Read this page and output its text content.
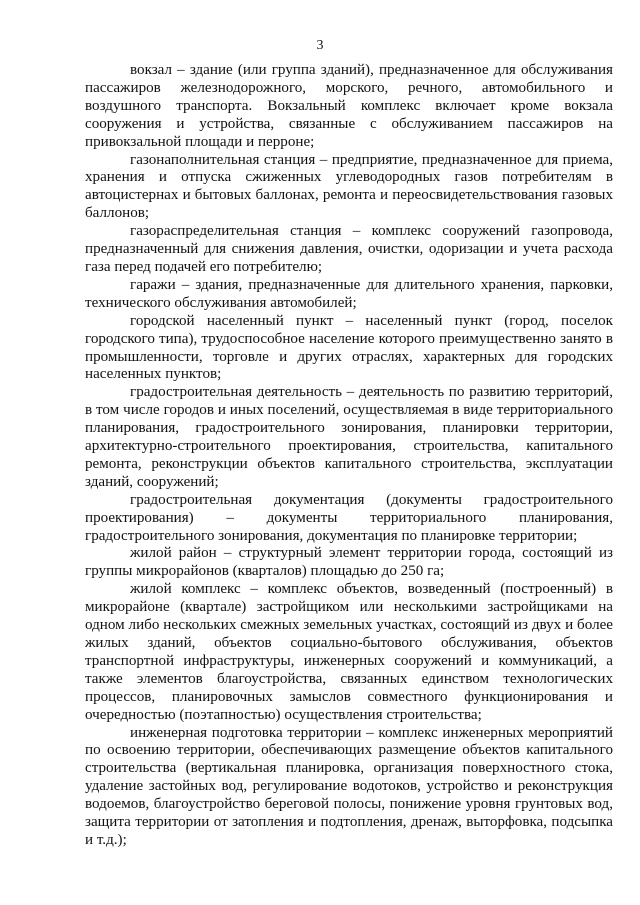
3

вокзал – здание (или группа зданий), предназначенное для обслуживания пассажиров железнодорожного, морского, речного, автомобильного и воздушного транспорта. Вокзальный комплекс включает кроме вокзала сооружения и устройства, связанные с обслуживанием пассажиров на привокзальной площади и перроне;

газонаполнительная станция – предприятие, предназначенное для приема, хранения и отпуска сжиженных углеводородных газов потребителям в автоцистернах и бытовых баллонах, ремонта и переосвидетельствования газовых баллонов;

газораспределительная станция – комплекс сооружений газопровода, предназначенный для снижения давления, очистки, одоризации и учета расхода газа перед подачей его потребителю;

гаражи – здания, предназначенные для длительного хранения, парковки, технического обслуживания автомобилей;

городской населенный пункт – населенный пункт (город, поселок городского типа), трудоспособное население которого преимущественно занято в промышленности, торговле и других отраслях, характерных для городских населенных пунктов;

градостроительная деятельность – деятельность по развитию территорий, в том числе городов и иных поселений, осуществляемая в виде территориального планирования, градостроительного зонирования, планировки территории, архитектурно-строительного проектирования, строительства, капитального ремонта, реконструкции объектов капитального строительства, эксплуатации зданий, сооружений;

градостроительная документация (документы градостроительного проектирования) – документы территориального планирования, градостроительного зонирования, документация по планировке территории;

жилой район – структурный элемент территории города, состоящий из группы микрорайонов (кварталов) площадью до 250 га;

жилой комплекс – комплекс объектов, возведенный (построенный) в микрорайоне (квартале) застройщиком или несколькими застройщиками на одном либо нескольких смежных земельных участках, состоящий из двух и более жилых зданий, объектов социально-бытового обслуживания, объектов транспортной инфраструктуры, инженерных сооружений и коммуникаций, а также элементов благоустройства, связанных единством технологических процессов, планировочных замыслов совместного функционирования и очередностью (поэтапностью) осуществления строительства;

инженерная подготовка территории – комплекс инженерных мероприятий по освоению территории, обеспечивающих размещение объектов капитального строительства (вертикальная планировка, организация поверхностного стока, удаление застойных вод, регулирование водотоков, устройство и реконструкция водоемов, благоустройство береговой полосы, понижение уровня грунтовых вод, защита территории от затопления и подтопления, дренаж, выторфовка, подсыпка и т.д.);
